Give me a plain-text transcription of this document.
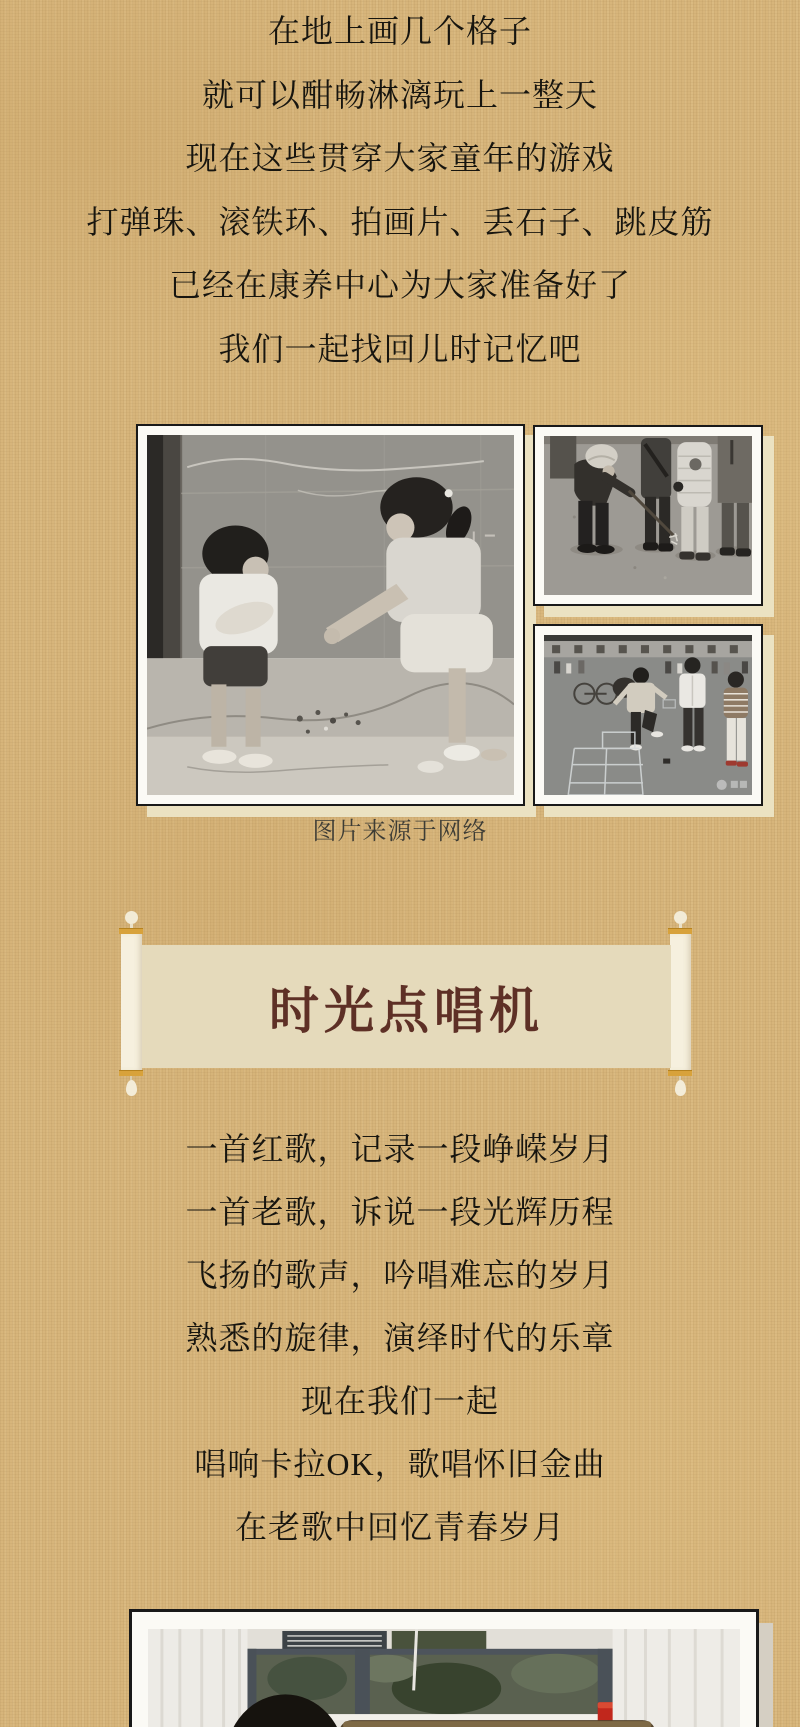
在地上画几个格子

就可以酣畅淋漓玩上一整天

现在这些贯穿大家童年的游戏

打弹珠、滚铁环、拍画片、丢石子、跳皮筋

已经在康养中心为大家准备好了

我们一起找回儿时记忆吧

图片来源于网络
时光点唱机

一首红歌，记录一段峥嵘岁月

一首老歌，诉说一段光辉历程

飞扬的歌声，吟唱难忘的岁月

熟悉的旋律，演绎时代的乐章

现在我们一起

唱响卡拉OK，歌唱怀旧金曲

在老歌中回忆青春岁月
